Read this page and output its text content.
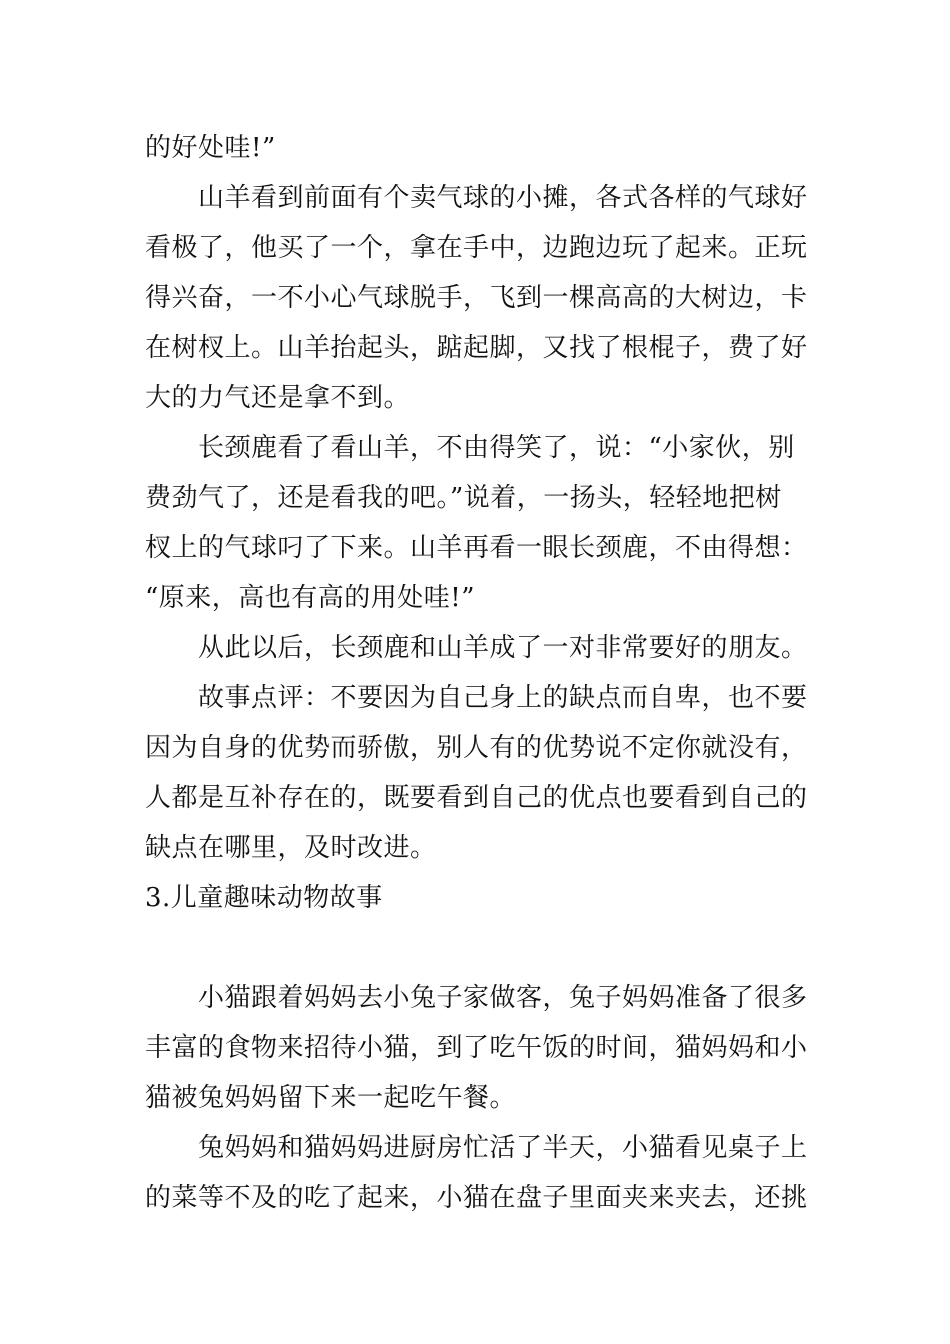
的好处哇!”
山羊看到前面有个卖气球的小摊，各式各样的气球好
看极了，他买了一个，拿在手中，边跑边玩了起来。正玩
得兴奋，一不小心气球脱手，飞到一棵高高的大树边，卡
在树杈上。山羊抬起头，踮起脚，又找了根棍子，费了好
大的力气还是拿不到。
长颈鹿看了看山羊，不由得笑了，说：“小家伙，别
费劲气了，还是看我的吧。”说着，一扬头，轻轻地把树
杈上的气球叼了下来。山羊再看一眼长颈鹿，不由得想：
“原来，高也有高的用处哇!”
从此以后，长颈鹿和山羊成了一对非常要好的朋友。
故事点评：不要因为自己身上的缺点而自卑，也不要
因为自身的优势而骄傲，别人有的优势说不定你就没有，
人都是互补存在的，既要看到自己的优点也要看到自己的
缺点在哪里，及时改进。
3.儿童趣味动物故事
小猫跟着妈妈去小兔子家做客，兔子妈妈准备了很多
丰富的食物来招待小猫，到了吃午饭的时间，猫妈妈和小
猫被兔妈妈留下来一起吃午餐。
兔妈妈和猫妈妈进厨房忙活了半天，小猫看见桌子上
的菜等不及的吃了起来，小猫在盘子里面夹来夹去，还挑
